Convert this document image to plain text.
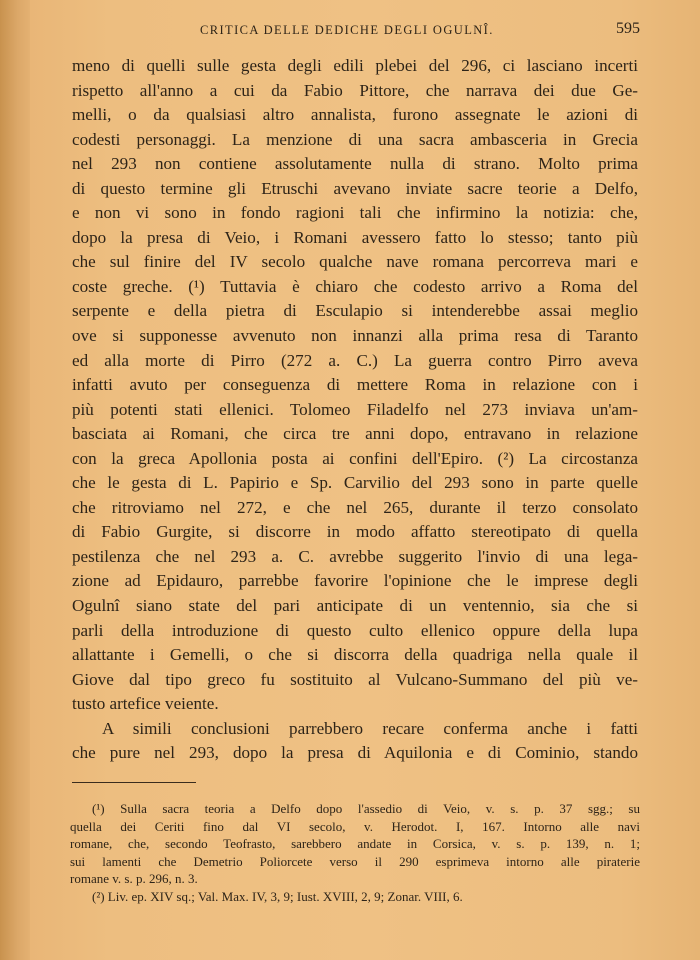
CRITICA DELLE DEDICHE DEGLI OGULNÎ.	595
meno di quelli sulle gesta degli edili plebei del 296, ci lasciano incerti
rispetto all'anno a cui da Fabio Pittore, che narrava dei due Ge-
melli, o da qualsiasi altro annalista, furono assegnate le azioni di
codesti personaggi. La menzione di una sacra ambasceria in Grecia
nel 293 non contiene assolutamente nulla di strano. Molto prima
di questo termine gli Etruschi avevano inviate sacre teorie a Delfo,
e non vi sono in fondo ragioni tali che infirmino la notizia: che,
dopo la presa di Veio, i Romani avessero fatto lo stesso; tanto più
che sul finire del IV secolo qualche nave romana percorreva mari e
coste greche. (¹) Tuttavia è chiaro che codesto arrivo a Roma del
serpente e della pietra di Esculapio si intenderebbe assai meglio
ove si supponesse avvenuto non innanzi alla prima resa di Taranto
ed alla morte di Pirro (272 a. C.) La guerra contro Pirro aveva
infatti avuto per conseguenza di mettere Roma in relazione con i
più potenti stati ellenici. Tolomeo Filadelfo nel 273 inviava un'am-
basciata ai Romani, che circa tre anni dopo, entravano in relazione
con la greca Apollonia posta ai confini dell'Epiro. (²) La circostanza
che le gesta di L. Papirio e Sp. Carvilio del 293 sono in parte quelle
che ritroviamo nel 272, e che nel 265, durante il terzo consolato
di Fabio Gurgite, si discorre in modo affatto stereotipato di quella
pestilenza che nel 293 a. C. avrebbe suggerito l'invio di una lega-
zione ad Epidauro, parrebbe favorire l'opinione che le imprese degli
Ogulnî siano state del pari anticipate di un ventennio, sia che si
parli della introduzione di questo culto ellenico oppure della lupa
allattante i Gemelli, o che si discorra della quadriga nella quale il
Giove dal tipo greco fu sostituito al Vulcano-Summano del più ve-
tusto artefice veiente.
A simili conclusioni parrebbero recare conferma anche i fatti
che pure nel 293, dopo la presa di Aquilonia e di Cominio, stando
(¹) Sulla sacra teoria a Delfo dopo l'assedio di Veio, v. s. p. 37 sgg.; su
quella dei Ceriti fino dal VI secolo, v. Herodot. I, 167. Intorno alle navi
romane, che, secondo Teofrasto, sarebbero andate in Corsica, v. s. p. 139, n. 1;
sui lamenti che Demetrio Poliorcete verso il 290 esprimeva intorno alle piraterie
romane v. s. p. 296, n. 3.
(²) Liv. ep. XIV sq.; Val. Max. IV, 3, 9; Iust. XVIII, 2, 9; Zonar. VIII, 6.
